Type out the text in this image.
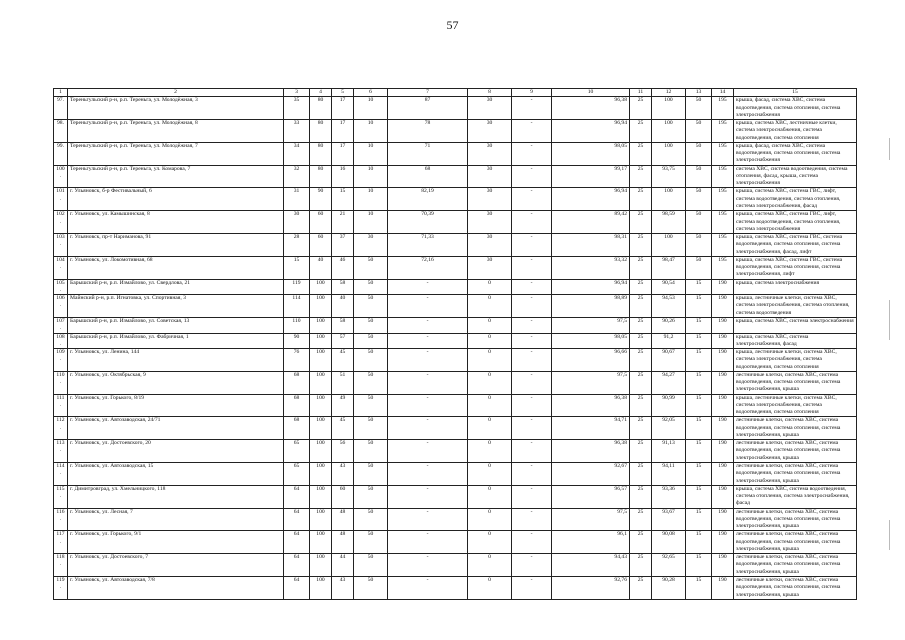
57
1	2	3	4	5	6	7	8	9	10	11	12	13	14	15
97.	Тереньгульский р-н, р.п. Тереньга, ул. Молодёжная, 3	35	80	17	10	87	30	-	96,38	25	100	50	195	крыша, фасад, система ХВС, система водоотведения, система отопления, система электроснабжения
98.	Тереньгульский р-н, р.п. Тереньга, ул. Молодёжная, 8	33	80	17	10	78	30	-	96,94	25	100	50	195	крыша, система ХВС, лестничные клетки, система электроснабжения, система водоотведения, система отопления
99.	Тереньгульский р-н, р.п. Тереньга, ул. Молодёжная, 7	34	80	17	10	71	30	-	98,05	25	100	50	195	крыша, фасад, система ХВС, система водоотведения, система отопления, система электроснабжения
100.	Тереньгульский р-н, р.п. Тереньга, ул. Комарова, 7	32	80	16	10	68	30	-	99,17	25	93,75	50	195	система ХВС, система водоотведения, система отопления, фасад, крыша, система электроснабжения
101.	г. Ульяновск, б-р Фестивальный, 6	31	90	15	10	82,19	30	-	96,94	25	100	50	195	крыша, система ХВС, система ГВС, лифт, система водоотведения, система отопления, система электроснабжения, фасад
102.	г. Ульяновск, ул. Камышинская, 8	30	60	21	10	70,39	30	-	89,42	25	98,59	50	195	крыша, система ХВС, система ГВС, лифт, система водоотведения, система отопления, система электроснабжения
103.	г. Ульяновск, пр-т Нариманова, 91	28	60	37	30	71,33	30	-	98,31	25	100	50	195	крыша, система ХВС, система ГВС, система водоотведения, система отопления, система электроснабжения, фасад, лифт
104.	г. Ульяновск, ул. Локомотивная, 68	15	40	46	50	72,16	30	-	93,32	25	98,47	50	195	крыша, система ХВС, система ГВС, система водоотведения, система отопления, система электроснабжения, лифт
105.	Барышский р-н, р.п. Измайлово, ул. Свердлова, 21	119	100	58	50	-	0	-	96,94	25	90,54	15	190	крыша, система электроснабжения
106.	Майнский р-н, р.п. Игнатовка, ул. Спортивная, 3	114	100	40	50	-	0	-	98,89	25	94,53	15	190	крыша, лестничные клетки, система ХВС, система электроснабжения, система отопления, система водоотведения
107.	Барышский р-н, р.п. Измайлово, ул. Советская, 13	110	100	58	50	-	0	-	97,5	25	90,26	15	190	крыша, система ХВС, система электроснабжения
108.	Барышский р-н, р.п. Измайлово, ул. Фабричная, 1	90	100	57	50	-	0	-	98,05	25	91,2	15	190	крыша, система ХВС, система электроснабжения, фасад
109.	г. Ульяновск, ул. Ленина, 144	76	100	45	50	-	0	-	96,66	25	90,67	15	190	крыша, лестничные клетки, система ХВС, система электроснабжения, система водоотведения, система отопления
110.	г. Ульяновск, ул. Октябрьская, 9	68	100	51	50	-	0	-	97,5	25	94,27	15	190	лестничные клетки, система ХВС, система водоотведения, система отопления, система электроснабжения, крыша
111.	г. Ульяновск, ул. Горького, 8/19	68	100	49	50	-	0	-	96,38	25	90,99	15	190	крыша, лестничные клетки, система ХВС, система электроснабжения, система водоотведения, система отопления
112.	г. Ульяновск, ул. Автозаводская, 24/71	68	100	45	50	-	0	-	94,71	25	92,05	15	190	лестничные клетки, система ХВС, система водоотведения, система отопления, система электроснабжения, крыша
113.	г. Ульяновск, ул. Достоевского, 20	65	100	56	50	-	0	-	96,38	25	91,13	15	190	лестничные клетки, система ХВС, система водоотведения, система отопления, система электроснабжения, крыша
114.	г. Ульяновск, ул. Автозаводская, 15	65	100	43	50	-	0	-	92,67	25	94,11	15	190	лестничные клетки, система ХВС, система водоотведения, система отопления, система электроснабжения, крыша
115.	г. Димитровград, ул. Хмельницкого, 118	64	100	60	50	-	0	-	96,57	25	93,36	15	190	крыша, система ХВС, система водоотведения, система отопления, система электроснабжения, фасад
116.	г. Ульяновск, ул. Лесная, 7	64	100	48	50	-	0	-	97,5	25	93,67	15	190	лестничные клетки, система ХВС, система водоотведения, система отопления, система электроснабжения, крыша
117.	г. Ульяновск, ул. Горького, 9/1	64	100	48	50	-	0	-	96,1	25	90,08	15	190	лестничные клетки, система ХВС, система водоотведения, система отопления, система электроснабжения, крыша
118.	г. Ульяновск, ул. Достоевского, 7	64	100	44	50	-	0	-	94,43	25	92,65	15	190	лестничные клетки, система ХВС, система водоотведения, система отопления, система электроснабжения, крыша
119.	г. Ульяновск, ул. Автозаводская, 7/8	64	100	43	50	-	0	-	92,76	25	90,28	15	190	лестничные клетки, система ХВС, система водоотведения, система отопления, система электроснабжения, крыша
